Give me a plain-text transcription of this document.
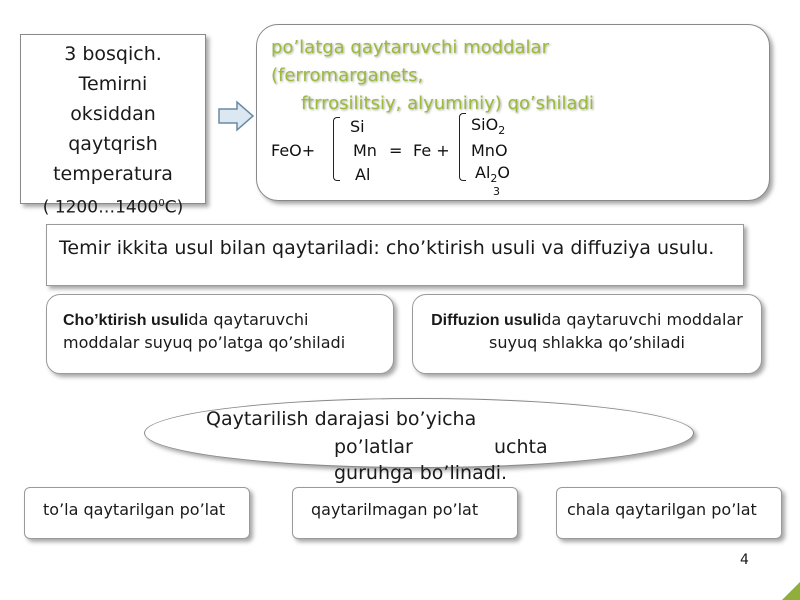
3 bosqich.
Temirni
oksiddan
qaytqrish
temperatura
( 1200…1400$^0$C)
po’latga qaytaruvchi moddalar
(ferromarganets,
ftrrosilitsiy, alyuminiy) qo’shiladi
FeO+
Si
Mn
Al
= Fe +
SiO$_2$
MnO
$Al_2O$
3
Temir ikkita usul bilan qaytariladi: cho’ktirish usuli va diffuziya usulu.
Cho’ktirish usulida qaytaruvchi moddalar suyuq po’latga qo’shiladi
Diffuzion usulida qaytaruvchi moddalar suyuq shlakka qo’shiladi
Qaytarilish darajasi bo’yicha
po’latlar	uchta
guruhga bo’linadi.
to’la qaytarilgan po’lat	qaytarilmagan po’lat	chala qaytarilgan po’lat
4
